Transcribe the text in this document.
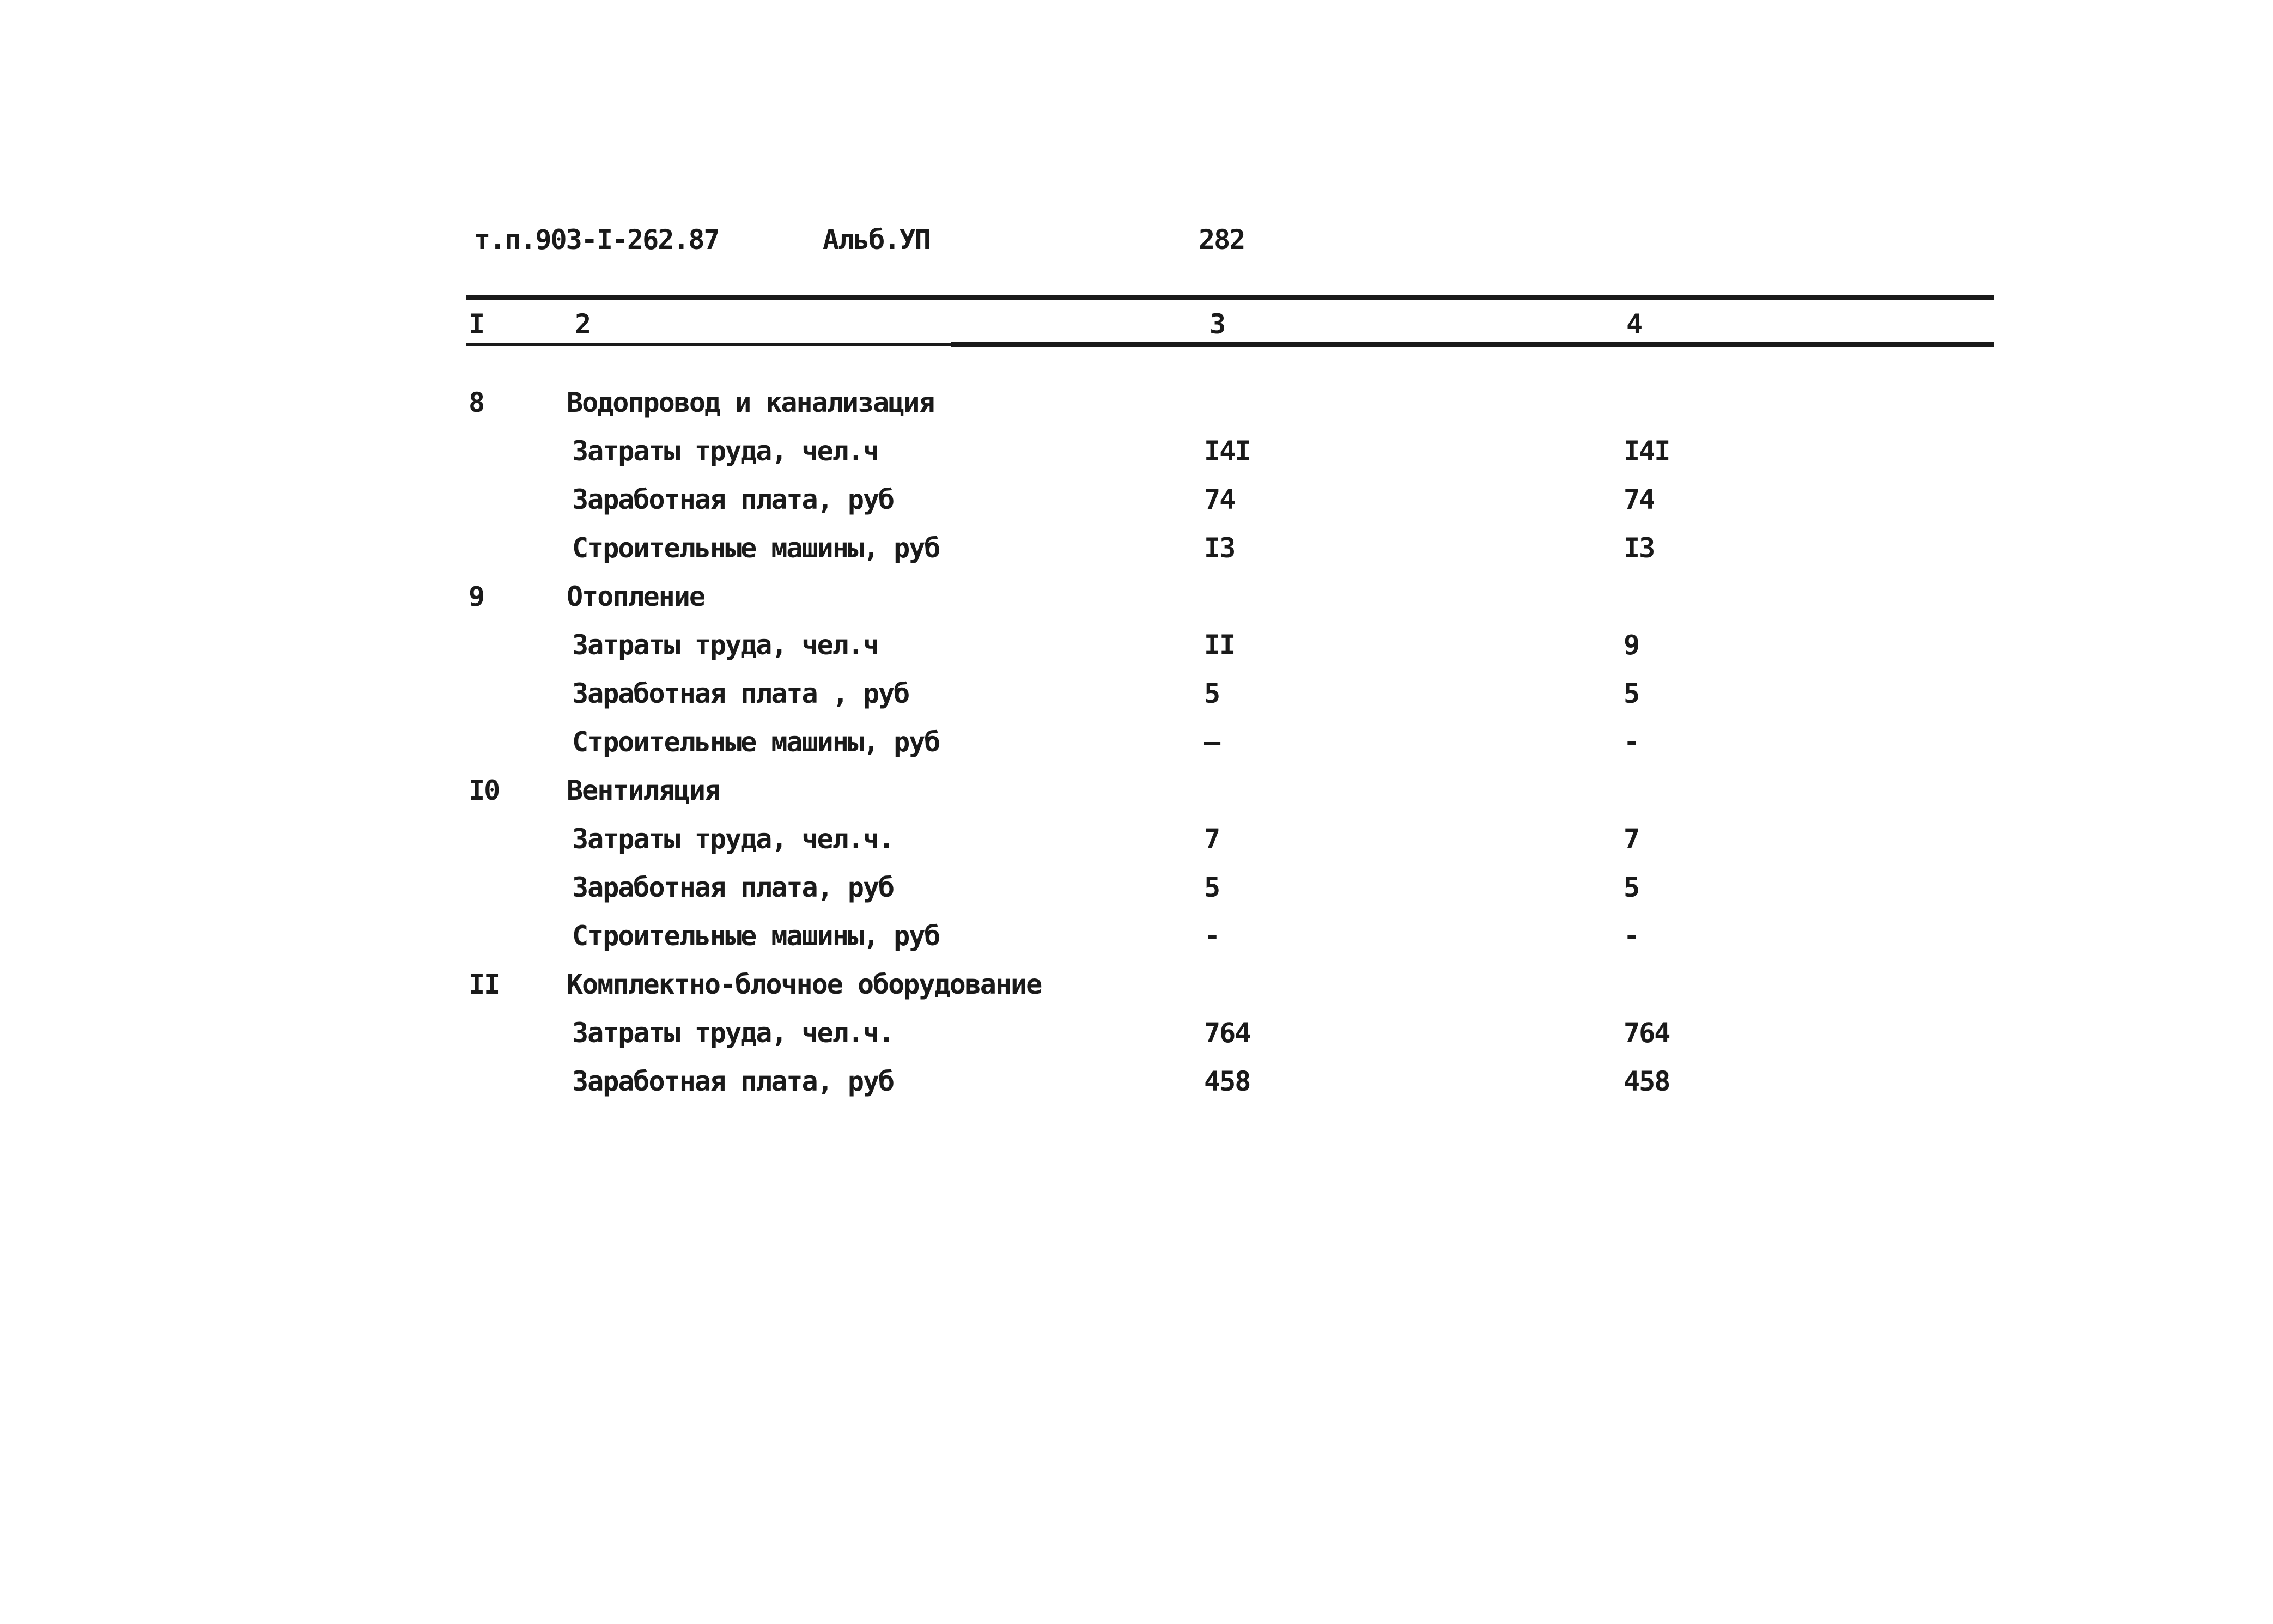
т.п.903-I-262.87	Альб.УП	282
I	2	3	4
8	Водопровод и канализация
Затраты труда, чел.ч	I4I	I4I
Заработная плата, руб	74	74
Строительные машины, руб	I3	I3
9	Отопление
Затраты труда, чел.ч	II	9
Заработная плата , руб	5	5
Строительные машины, руб	–	-
I0 Вентиляция
Затраты труда, чел.ч.	7	7
Заработная плата, руб	5	5
Строительные машины, руб	-	-
II Комплектно-блочное оборудование
Затраты труда, чел.ч.	764	764
Заработная плата, руб	458	458
